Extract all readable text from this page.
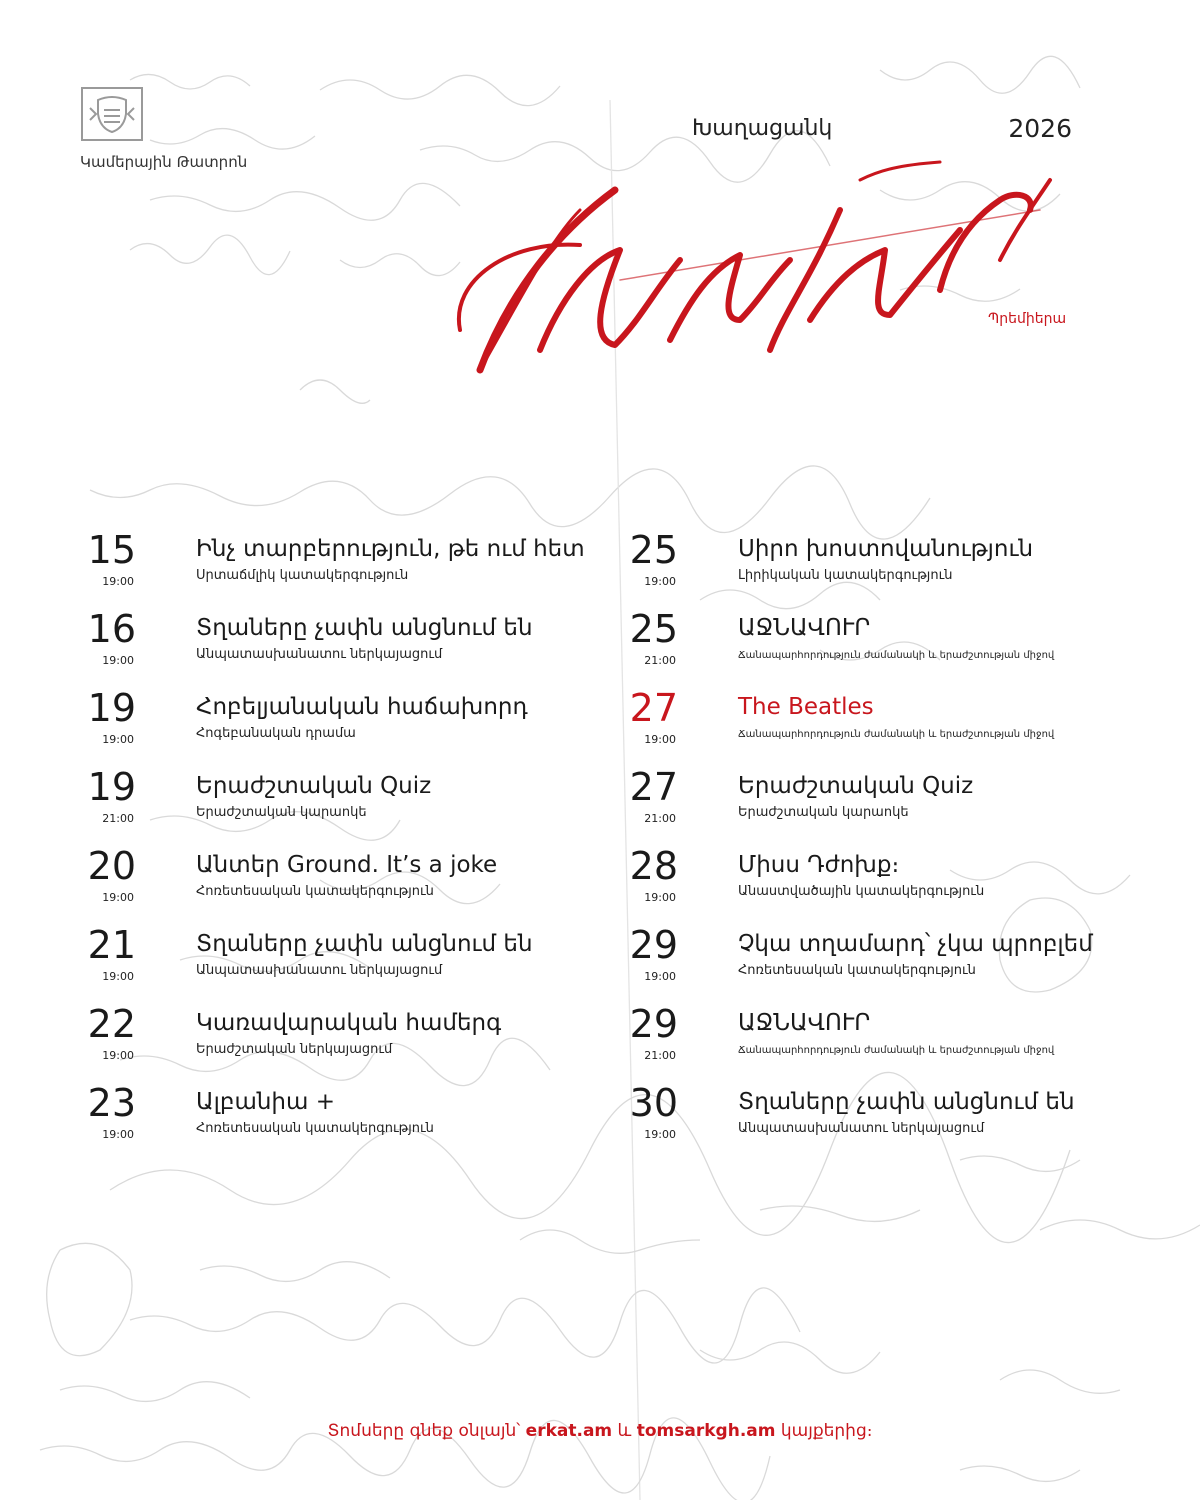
Կամերային Թատրոն
Խաղացանկ	2026
Սեպտեմբեր
Պրեմիերա
15
19:00
Ինչ տարբերություն, թե ում հետ
Սրտաճմլիկ կատակերգություն
16
19:00
Տղաները չափն անցնում են
Անպատասխանատու ներկայացում
19
19:00
Հոբելյանական հաճախորդ
Հոգեբանական դրամա
19
21:00
Երաժշտական Quiz
Երաժշտական կարաոկե
20
19:00
Անտեր Ground. It’s a joke
Հոռետեսական կատակերգություն
21
19:00
Տղաները չափն անցնում են
Անպատասխանատու ներկայացում
22
19:00
Կառավարական համերգ
Երաժշտական ներկայացում
23
19:00
Ալբանիա +
Հոռետեսական կատակերգություն
25
19:00
Սիրո խոստովանություն
Լիրիկական կատակերգություն
25
21:00
ԱՋՆԱՎՈՒՐ
Ճանապարհորդություն ժամանակի և երաժշտության միջով
27
19:00
The Beatles
Ճանապարհորդություն ժամանակի և երաժշտության միջով
27
21:00
Երաժշտական Quiz
Երաժշտական կարաոկե
28
19:00
Միսս Դժոխք։
Անաստվածային կատակերգություն
29
19:00
Չկա տղամարդ՝ չկա պրոբլեմ
Հոռետեսական կատակերգություն
29
21:00
ԱՋՆԱՎՈՒՐ
Ճանապարհորդություն ժամանակի և երաժշտության միջով
30
19:00
Տղաները չափն անցնում են
Անպատասխանատու ներկայացում
Տոմսերը գնեք օնլայն՝ erkat.am և tomsarkgh.am կայքերից։
